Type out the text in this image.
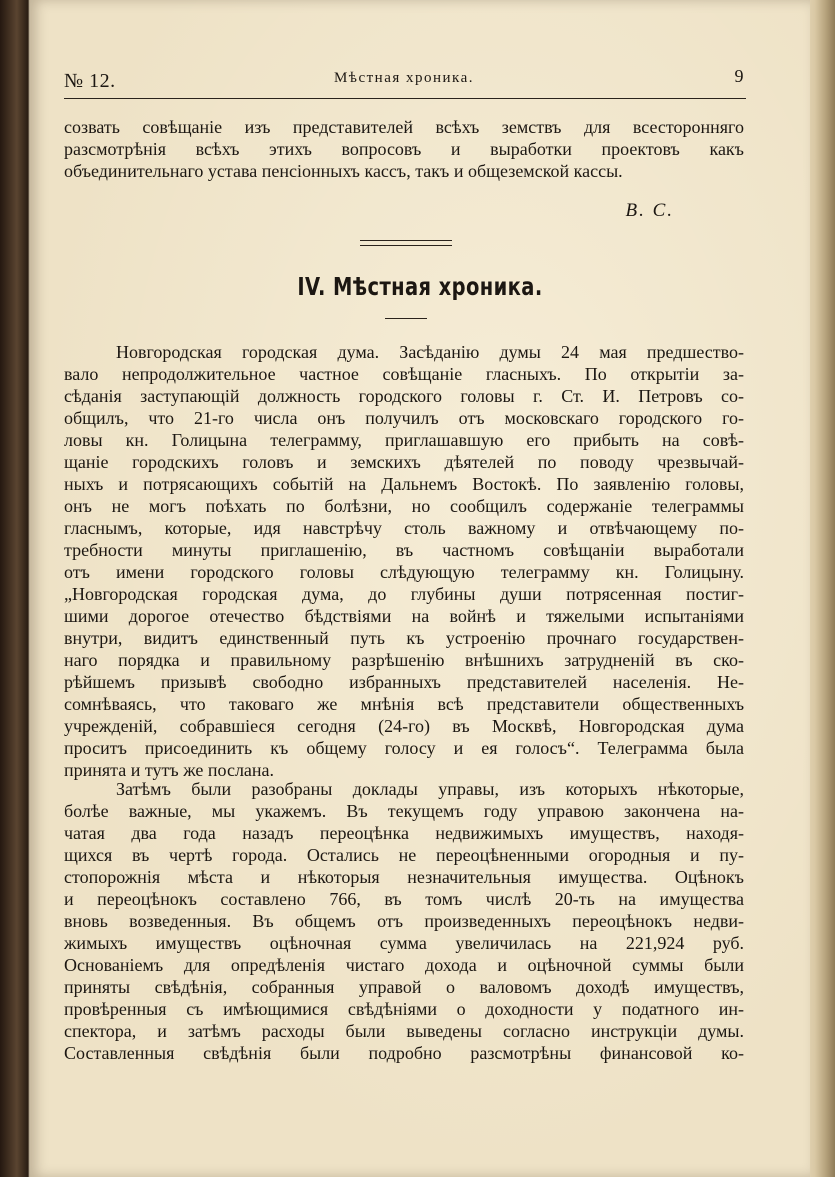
№ 12.	Мѣстная хроника.	9
созвать совѣщаніе изъ представителей всѣхъ земствъ для всесторонняго
разсмотрѣнія всѣхъ этихъ вопросовъ и выработки проектовъ какъ
объединительнаго устава пенсіонныхъ кассъ, такъ и общеземской кассы.
В. С.
IV. Мѣстная хроника.
Новгородская городская дума. Засѣданію думы 24 мая предшество-
вало непродолжительное частное совѣщаніе гласныхъ. По открытіи за-
сѣданія заступающій должность городского головы г. Ст. И. Петровъ со-
общилъ, что 21-го числа онъ получилъ отъ московскаго городского го-
ловы кн. Голицына телеграмму, приглашавшую его прибыть на совѣ-
щаніе городскихъ головъ и земскихъ дѣятелей по поводу чрезвычай-
ныхъ и потрясающихъ событій на Дальнемъ Востокѣ. По заявленію головы,
онъ не могъ поѣхать по болѣзни, но сообщилъ содержаніе телеграммы
гласнымъ, которые, идя навстрѣчу столь важному и отвѣчающему по-
требности минуты приглашенію, въ частномъ совѣщаніи выработали
отъ имени городского головы слѣдующую телеграмму кн. Голицыну.
„Новгородская городская дума, до глубины души потрясенная постиг-
шими дорогое отечество бѣдствіями на войнѣ и тяжелыми испытаніями
внутри, видитъ единственный путь къ устроенію прочнаго государствен-
наго порядка и правильному разрѣшенію внѣшнихъ затрудненій въ ско-
рѣйшемъ призывѣ свободно избранныхъ представителей населенія. Не-
сомнѣваясь, что таковаго же мнѣнія всѣ представители общественныхъ
учрежденій, собравшіеся сегодня (24-го) въ Москвѣ, Новгородская дума
проситъ присоединить къ общему голосу и ея голосъ“. Телеграмма была
принята и тутъ же послана.
Затѣмъ были разобраны доклады управы, изъ которыхъ нѣкоторые,
болѣе важные, мы укажемъ. Въ текущемъ году управою закончена на-
чатая два года назадъ переоцѣнка недвижимыхъ имуществъ, находя-
щихся въ чертѣ города. Остались не переоцѣненными огородныя и пу-
стопорожнія мѣста и нѣкоторыя незначительныя имущества. Оцѣнокъ
и переоцѣнокъ составлено 766, въ томъ числѣ 20-ть на имущества
вновь возведенныя. Въ общемъ отъ произведенныхъ переоцѣнокъ недви-
жимыхъ имуществъ оцѣночная сумма увеличилась на 221,924 руб.
Основаніемъ для опредѣленія чистаго дохода и оцѣночной суммы были
приняты свѣдѣнія, собранныя управой о валовомъ доходѣ имуществъ,
провѣренныя съ имѣющимися свѣдѣніями о доходности у податного ин-
спектора, и затѣмъ расходы были выведены согласно инструкціи думы.
Составленныя свѣдѣнія были подробно разсмотрѣны финансовой ко-
